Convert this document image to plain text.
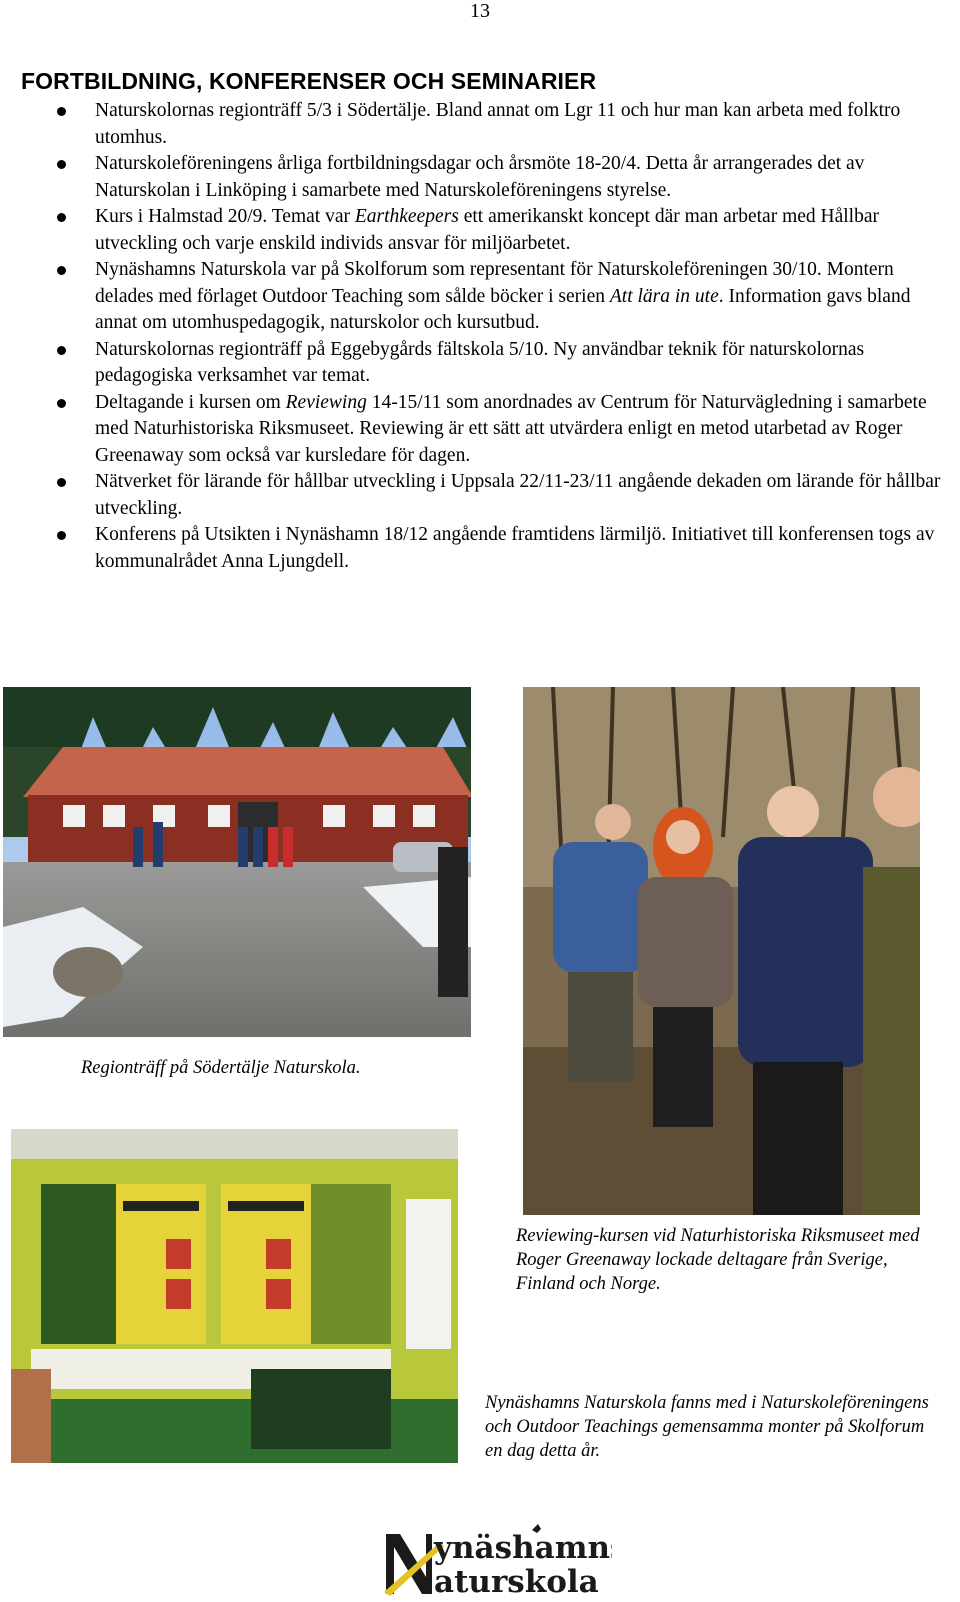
13
FORTBILDNING, KONFERENSER OCH SEMINARIER
Naturskolornas regionträff 5/3 i Södertälje. Bland annat om Lgr 11 och hur man kan arbeta med folktro utomhus.
Naturskoleföreningens årliga fortbildningsdagar och årsmöte 18-20/4. Detta år arrangerades det av Naturskolan i Linköping i samarbete med Naturskoleföreningens styrelse.
Kurs i Halmstad 20/9. Temat var Earthkeepers ett amerikanskt koncept där man arbetar med Hållbar utveckling och varje enskild individs ansvar för miljöarbetet.
Nynäshamns Naturskola var på Skolforum som representant för Naturskoleföreningen 30/10. Montern delades med förlaget Outdoor Teaching som sålde böcker i serien Att lära in ute. Information gavs bland annat om utomhuspedagogik, naturskolor och kursutbud.
Naturskolornas regionträff på Eggebygårds fältskola 5/10. Ny användbar teknik för naturskolornas pedagogiska verksamhet var temat.
Deltagande i kursen om Reviewing 14-15/11 som anordnades av Centrum för Naturvägledning i samarbete med Naturhistoriska Riksmuseet. Reviewing är ett sätt att utvärdera enligt en metod utarbetad av Roger Greenaway som också var kursledare för dagen.
Nätverket för lärande för hållbar utveckling i Uppsala 22/11-23/11 angående dekaden om lärande för hållbar utveckling.
Konferens på Utsikten i Nynäshamn 18/12 angående framtidens lärmiljö. Initiativet till konferensen togs av kommunalrådet Anna Ljungdell.
Regionträff på Södertälje Naturskola.
Reviewing-kursen vid Naturhistoriska Riksmuseet med Roger Greenaway lockade deltagare från Sverige, Finland och Norge.
Nynäshamns Naturskola fanns med i Naturskoleföreningens och Outdoor Teachings gemensamma monter på Skolforum en dag detta år.
ynäshamns
aturskola
